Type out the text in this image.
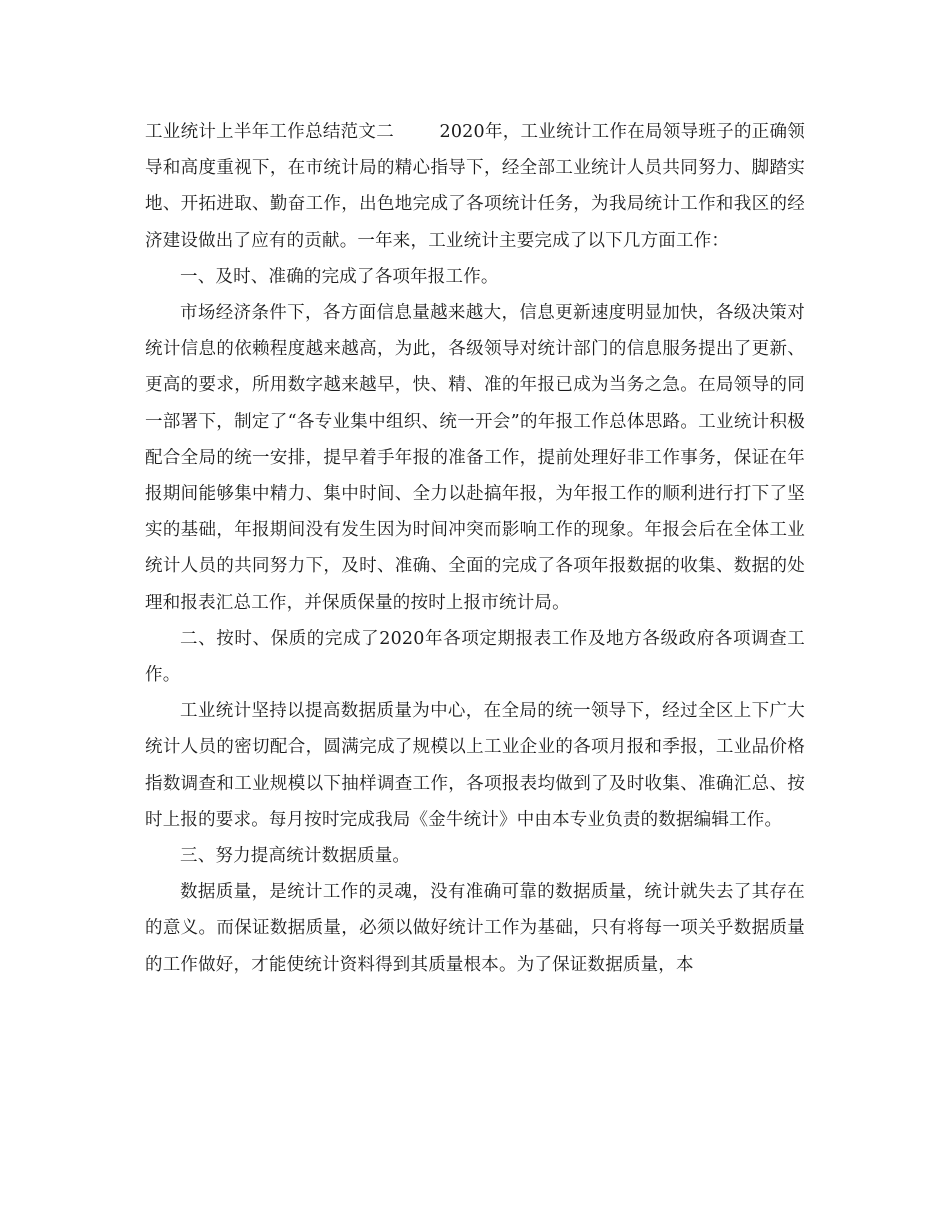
工业统计上半年工作总结范文二	2020年，工业统计工作在局领导班子的正确领导和高度重视下，在市统计局的精心指导下，经全部工业统计人员共同努力、脚踏实地、开拓进取、勤奋工作，出色地完成了各项统计任务，为我局统计工作和我区的经济建设做出了应有的贡献。一年来，工业统计主要完成了以下几方面工作：

一、及时、准确的完成了各项年报工作。

市场经济条件下，各方面信息量越来越大，信息更新速度明显加快，各级决策对统计信息的依赖程度越来越高，为此，各级领导对统计部门的信息服务提出了更新、更高的要求，所用数字越来越早，快、精、准的年报已成为当务之急。在局领导的同一部署下，制定了“各专业集中组织、统一开会”的年报工作总体思路。工业统计积极配合全局的统一安排，提早着手年报的准备工作，提前处理好非工作事务，保证在年报期间能够集中精力、集中时间、全力以赴搞年报，为年报工作的顺利进行打下了坚实的基础，年报期间没有发生因为时间冲突而影响工作的现象。年报会后在全体工业统计人员的共同努力下，及时、准确、全面的完成了各项年报数据的收集、数据的处理和报表汇总工作，并保质保量的按时上报市统计局。

二、按时、保质的完成了2020年各项定期报表工作及地方各级政府各项调查工作。

工业统计坚持以提高数据质量为中心，在全局的统一领导下，经过全区上下广大统计人员的密切配合，圆满完成了规模以上工业企业的各项月报和季报，工业品价格指数调查和工业规模以下抽样调查工作，各项报表均做到了及时收集、准确汇总、按时上报的要求。每月按时完成我局《金牛统计》中由本专业负责的数据编辑工作。

三、努力提高统计数据质量。

数据质量，是统计工作的灵魂，没有准确可靠的数据质量，统计就失去了其存在的意义。而保证数据质量，必须以做好统计工作为基础，只有将每一项关乎数据质量的工作做好，才能使统计资料得到其质量根本。为了保证数据质量，本
